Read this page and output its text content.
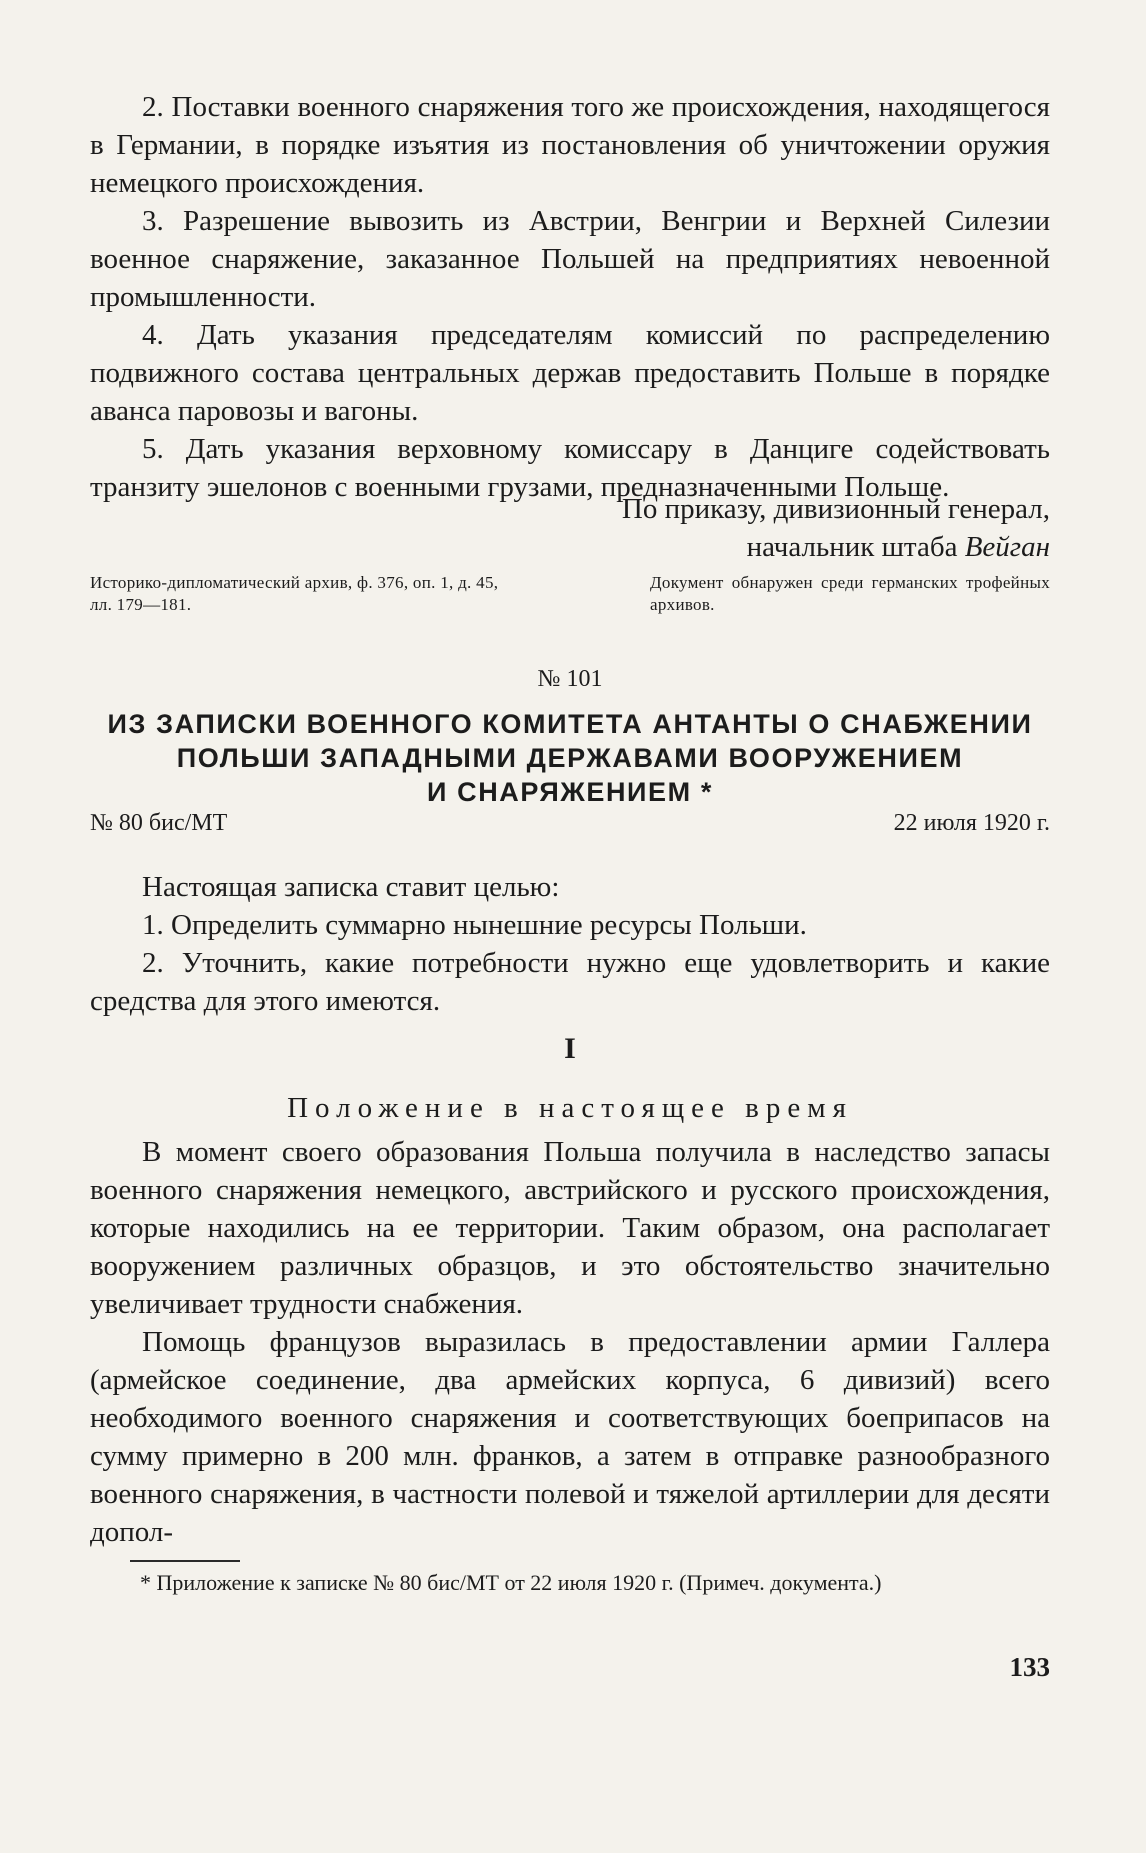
2. Поставки военного снаряжения того же происхождения, находящегося в Германии, в порядке изъятия из постановления об уничтожении оружия немецкого происхождения.

3. Разрешение вывозить из Австрии, Венгрии и Верхней Силезии военное снаряжение, заказанное Польшей на предприятиях невоенной промышленности.

4. Дать указания председателям комиссий по распределению подвижного состава центральных держав предоставить Польше в порядке аванса паровозы и вагоны.

5. Дать указания верховному комиссару в Данциге содействовать транзиту эшелонов с военными грузами, предназначенными Польше.

По приказу, дивизионный генерал,
начальник штаба Вейган
Историко-дипломатический архив, ф. 376, оп. 1, д. 45, лл. 179—181.
Документ обнаружен среди германских трофейных архивов.
№ 101
ИЗ ЗАПИСКИ ВОЕННОГО КОМИТЕТА АНТАНТЫ О СНАБЖЕНИИ
ПОЛЬШИ ЗАПАДНЫМИ ДЕРЖАВАМИ ВООРУЖЕНИЕМ
И СНАРЯЖЕНИЕМ *
№ 80 бис/МТ	22 июля 1920 г.

Настоящая записка ставит целью:

1. Определить суммарно нынешние ресурсы Польши.

2. Уточнить, какие потребности нужно еще удовлетворить и какие средства для этого имеются.

I
Положение в настоящее время

В момент своего образования Польша получила в наследство запасы военного снаряжения немецкого, австрийского и русского происхождения, которые находились на ее территории. Таким образом, она располагает вооружением различных образцов, и это обстоятельство значительно увеличивает трудности снабжения.

Помощь французов выразилась в предоставлении армии Галлера (армейское соединение, два армейских корпуса, 6 дивизий) всего необходимого военного снаряжения и соответствующих боеприпасов на сумму примерно в 200 млн. франков, а затем в отправке разнообразного военного снаряжения, в частности полевой и тяжелой артиллерии для десяти допол-

* Приложение к записке № 80 бис/МТ от 22 июля 1920 г. (Примеч. документа.)

133
